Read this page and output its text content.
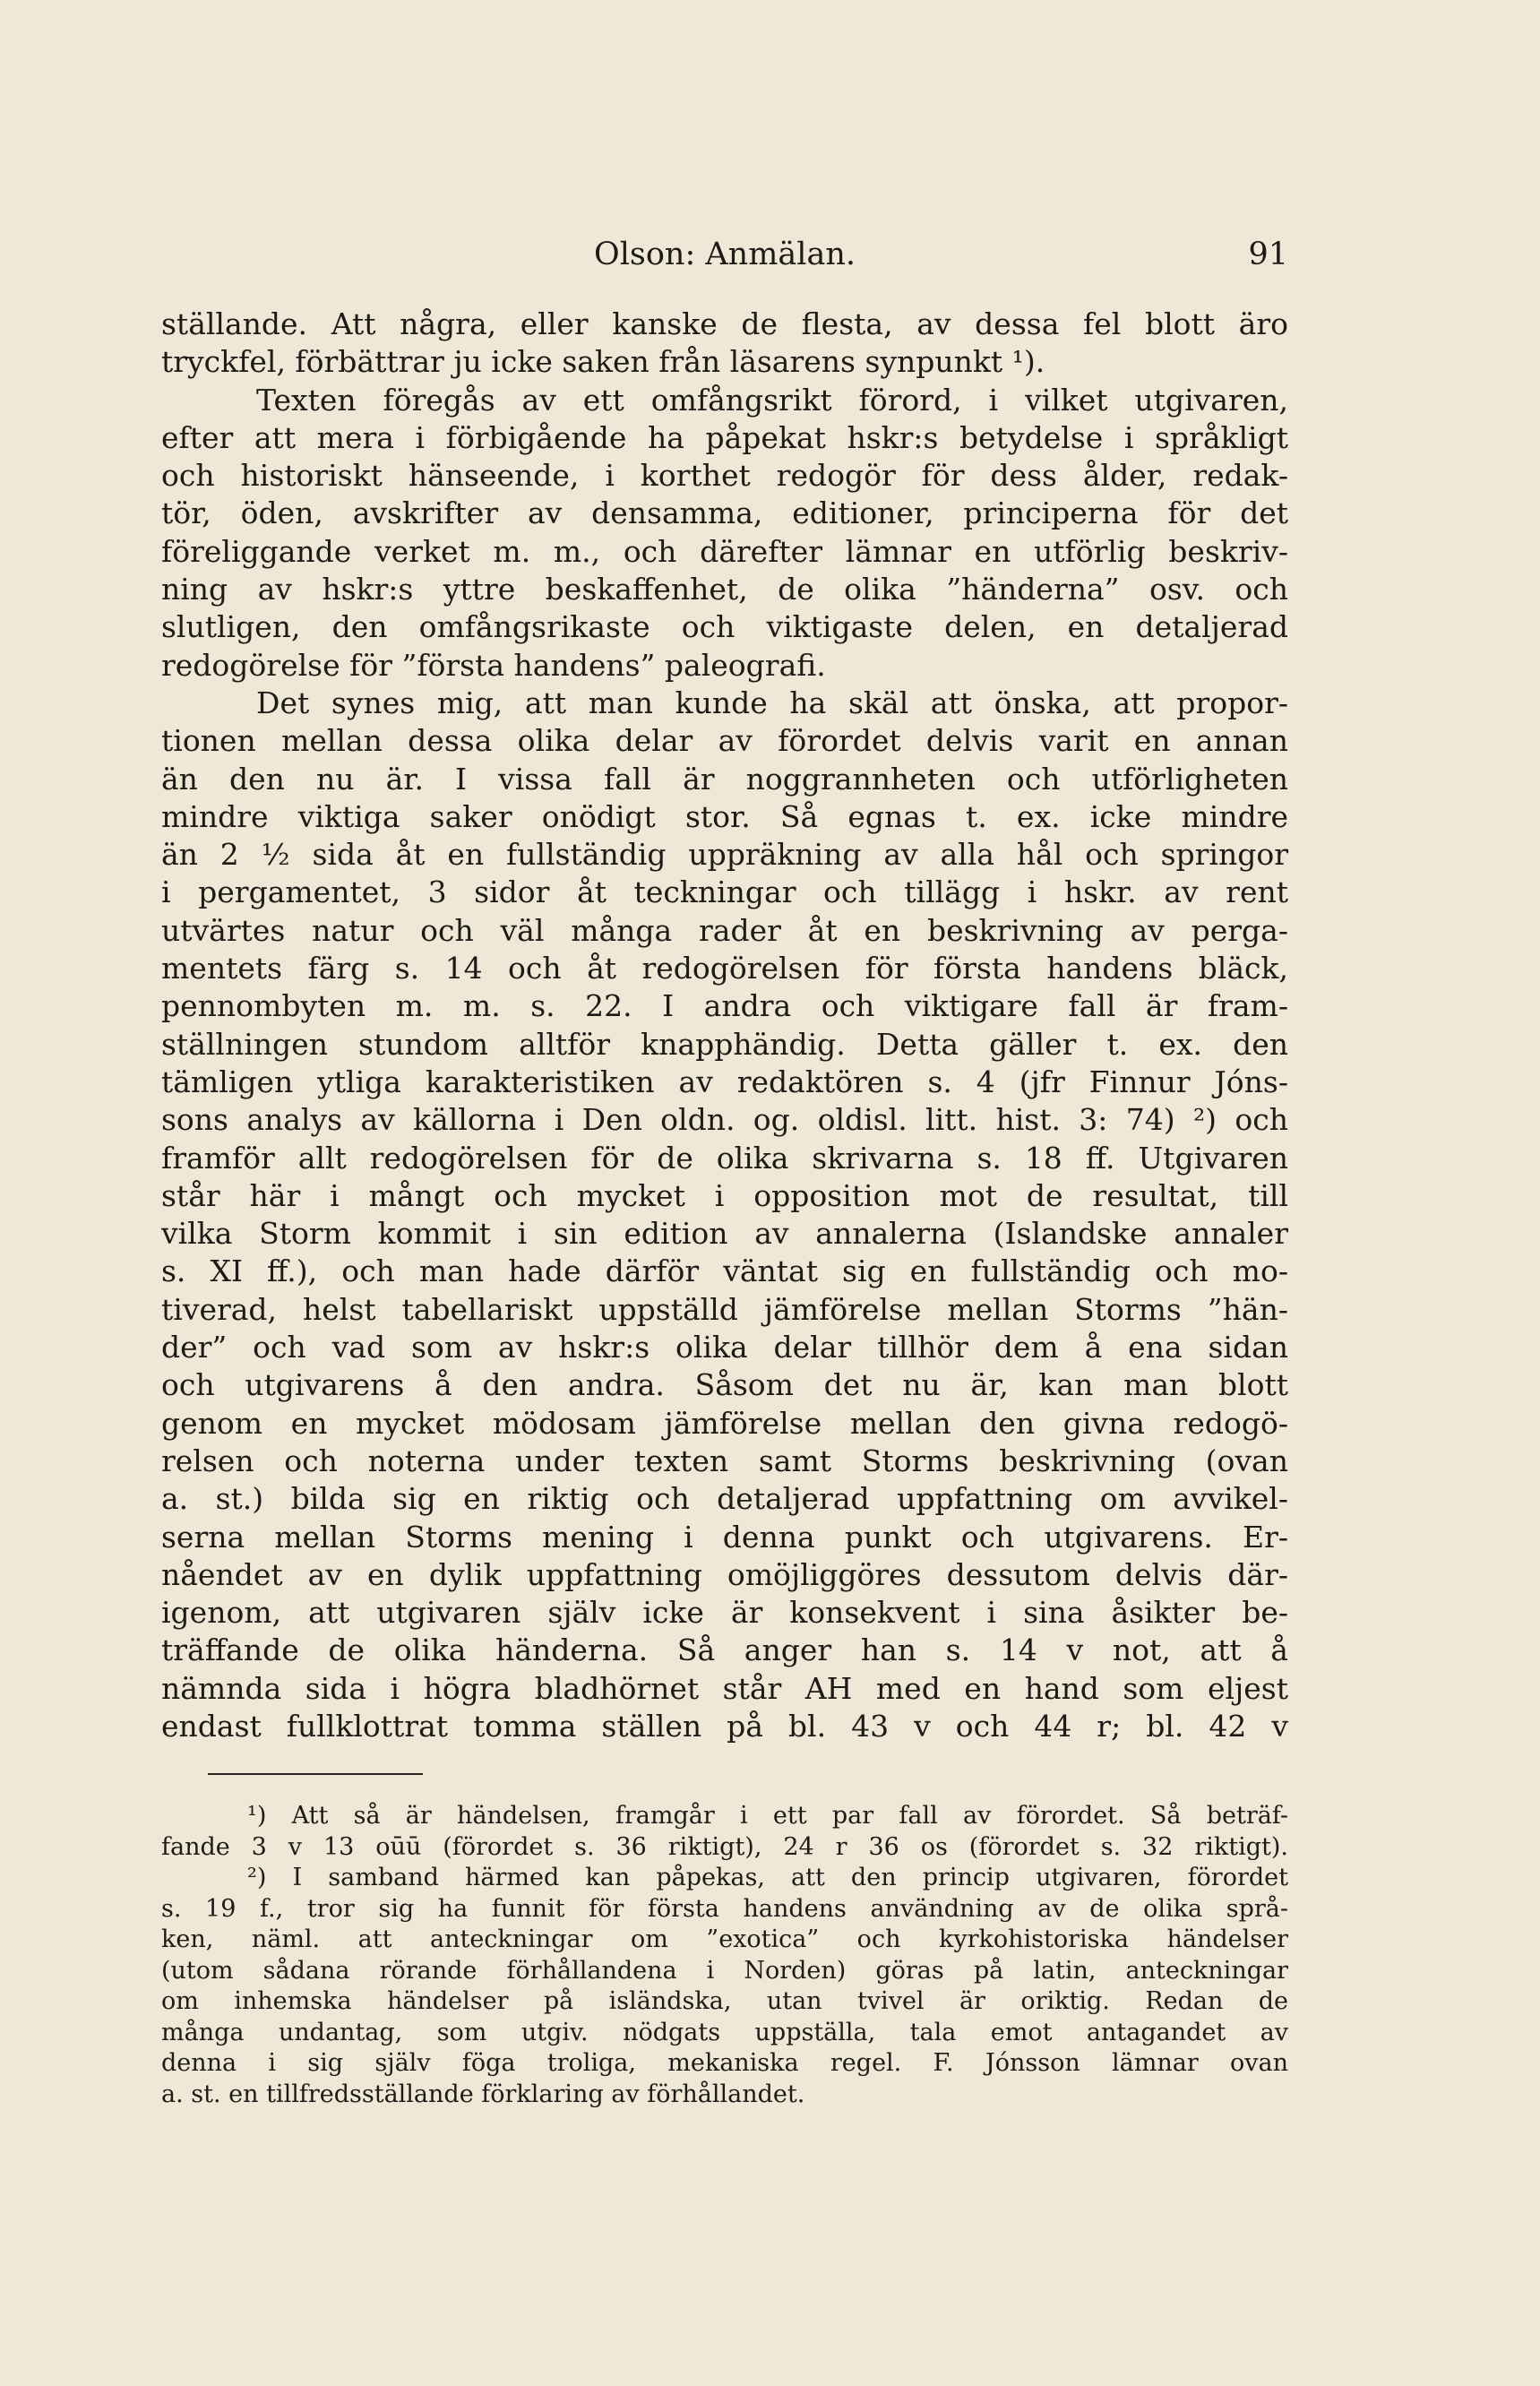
Olson: Anmälan.	91
ställande. Att några, eller kanske de flesta, av dessa fel blott äro
tryckfel, förbättrar ju icke saken från läsarens synpunkt ¹).
Texten föregås av ett omfångsrikt förord, i vilket utgivaren,
efter att mera i förbigående ha påpekat hskr:s betydelse i språkligt
och historiskt hänseende, i korthet redogör för dess ålder, redak-
tör, öden, avskrifter av densamma, editioner, principerna för det
föreliggande verket m. m., och därefter lämnar en utförlig beskriv-
ning av hskr:s yttre beskaffenhet, de olika ”händerna” osv. och
slutligen, den omfångsrikaste och viktigaste delen, en detaljerad
redogörelse för ”första handens” paleografi.
Det synes mig, att man kunde ha skäl att önska, att propor-
tionen mellan dessa olika delar av förordet delvis varit en annan
än den nu är. I vissa fall är noggrannheten och utförligheten
mindre viktiga saker onödigt stor. Så egnas t. ex. icke mindre
än 2 ½ sida åt en fullständig uppräkning av alla hål och springor
i pergamentet, 3 sidor åt teckningar och tillägg i hskr. av rent
utvärtes natur och väl många rader åt en beskrivning av perga-
mentets färg s. 14 och åt redogörelsen för första handens bläck,
pennombyten m. m. s. 22. I andra och viktigare fall är fram-
ställningen stundom alltför knapphändig. Detta gäller t. ex. den
tämligen ytliga karakteristiken av redaktören s. 4 (jfr Finnur Jóns-
sons analys av källorna i Den oldn. og. oldisl. litt. hist. 3: 74) ²) och
framför allt redogörelsen för de olika skrivarna s. 18 ff. Utgivaren
står här i mångt och mycket i opposition mot de resultat, till
vilka Storm kommit i sin edition av annalerna (Islandske annaler
s. XI ff.), och man hade därför väntat sig en fullständig och mo-
tiverad, helst tabellariskt uppställd jämförelse mellan Storms ”hän-
der” och vad som av hskr:s olika delar tillhör dem å ena sidan
och utgivarens å den andra. Såsom det nu är, kan man blott
genom en mycket mödosam jämförelse mellan den givna redogö-
relsen och noterna under texten samt Storms beskrivning (ovan
a. st.) bilda sig en riktig och detaljerad uppfattning om avvikel-
serna mellan Storms mening i denna punkt och utgivarens. Er-
nåendet av en dylik uppfattning omöjliggöres dessutom delvis där-
igenom, att utgivaren själv icke är konsekvent i sina åsikter be-
träffande de olika händerna. Så anger han s. 14 v not, att å
nämnda sida i högra bladhörnet står AH med en hand som eljest
endast fullklottrat tomma ställen på bl. 43 v och 44 r; bl. 42 v
¹) Att så är händelsen, framgår i ett par fall av förordet. Så beträf-
fande 3 v 13 oūū (förordet s. 36 riktigt), 24 r 36 os (förordet s. 32 riktigt).
²) I samband härmed kan påpekas, att den princip utgivaren, förordet
s. 19 f., tror sig ha funnit för första handens användning av de olika språ-
ken, näml. att anteckningar om ”exotica” och kyrkohistoriska händelser
(utom sådana rörande förhållandena i Norden) göras på latin, anteckningar
om inhemska händelser på isländska, utan tvivel är oriktig. Redan de
många undantag, som utgiv. nödgats uppställa, tala emot antagandet av
denna i sig själv föga troliga, mekaniska regel. F. Jónsson lämnar ovan
a. st. en tillfredsställande förklaring av förhållandet.
